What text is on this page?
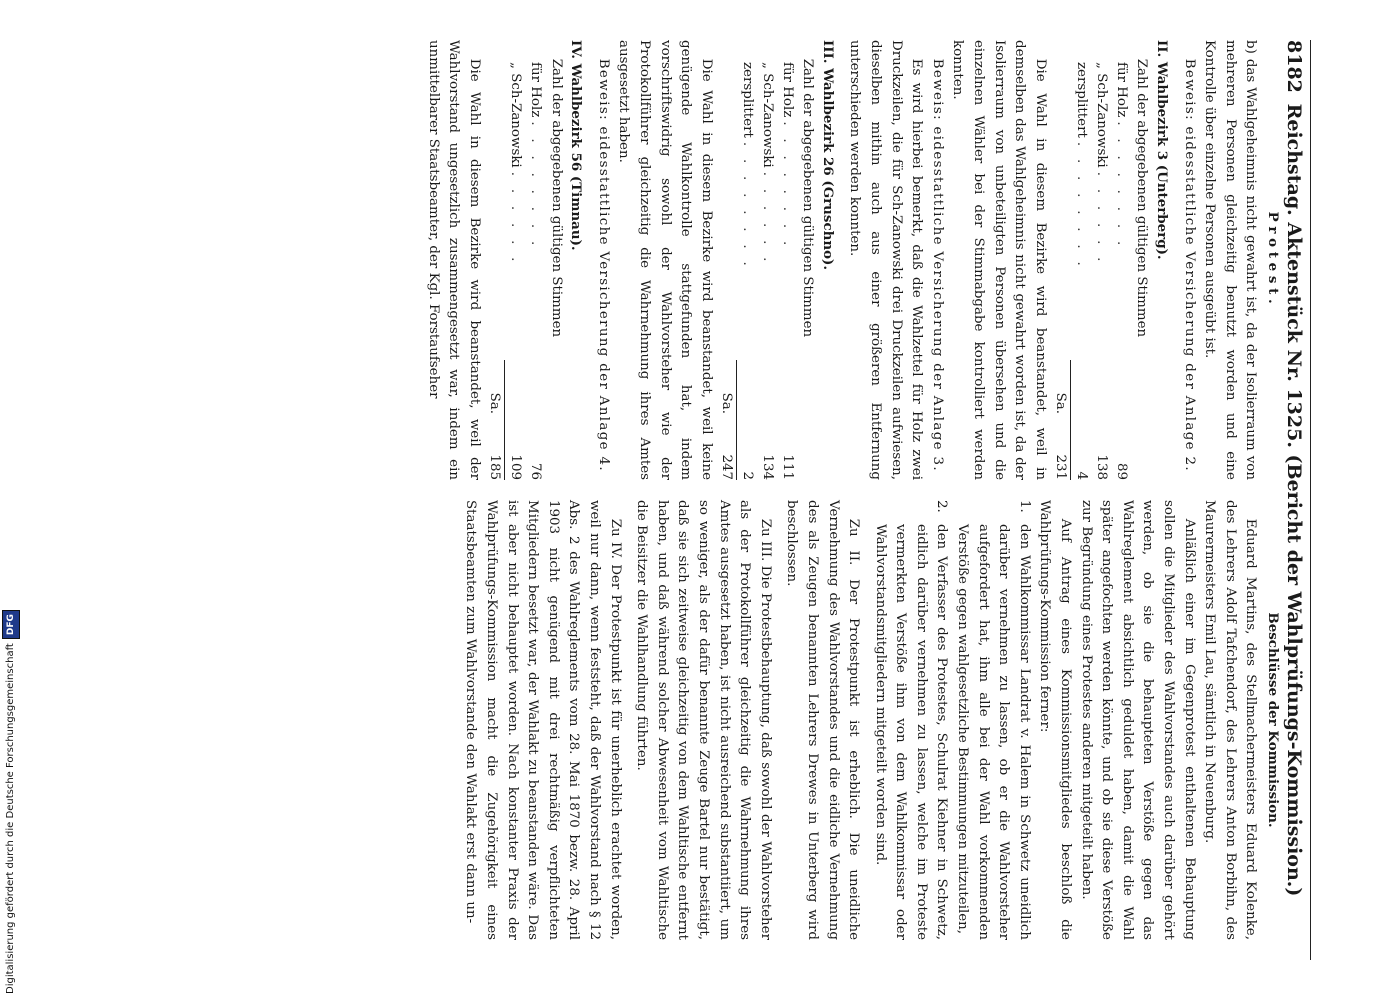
8182
Reichstag. Aktenstück Nr. 1325. (Bericht der Wahlprüfungs-Kommission.)

Protest.

b) das Wahlgeheimnis nicht gewahrt ist, da der Isolierraum von mehreren Personen gleichzeitig benutzt worden und eine Kontrolle über einzelne Personen ausgeübt ist.

Beweis: eidesstattliche Versicherung der Anlage 2.

II. Wahlbezirk 3 (Unterberg).

Zahl der abgegebenen gültigen Stimmen

für Holz
. . . . . . . .
89
„ Sch-Zanowski
. . . . . .
138
zersplittert
. . . . . . . .
4
Sa.
231

Die Wahl in diesem Bezirke wird beanstandet, weil in demselben das Wahlgeheimnis nicht gewahrt worden ist, da der Isolierraum von unbeteiligten Personen übersehen und die einzelnen Wähler bei der Stimmabgabe kontrolliert werden konnten.

Beweis: eidesstattliche Versicherung der Anlage 3.

Es wird hierbei bemerkt, daß die Wahlzettel für Holz zwei Druckzeilen, die für Sch-Zanowski drei Druckzeilen aufwiesen, dieselben mithin auch aus einer größeren Entfernung unterschieden werden konnten.

III. Wahlbezirk 26 (Gruschno).

Zahl der abgegebenen gültigen Stimmen

für Holz
. . . . . . . .
111
„ Sch-Zanowski
. . . . . .
134
zersplittert
. . . . . . . .
2
Sa.
247

Die Wahl in diesem Bezirke wird beanstandet, weil keine genügende Wahlkontrolle stattgefunden hat, indem vorschriftswidrig sowohl der Wahlvorsteher wie der Protokollführer gleichzeitig die Wahrnehmung ihres Amtes ausgesetzt haben.

Beweis: eidesstattliche Versicherung der Anlage 4.

IV. Wahlbezirk 56 (Timnau).

Zahl der abgegebenen gültigen Stimmen

für Holz
. . . . . . . .
76
„ Sch-Zanowski
. . . . . .
109
Sa.
185

Die Wahl in diesem Bezirke wird beanstandet, weil der Wahlvorstand ungesetzlich zusammengesetzt war, indem ein unmittelbarer Staatsbeamter, der Kgl. Forstaufseher

Beschlüsse der Kommission.

Eduard Martins, des Stellmachermeisters Eduard Kolenke, des Lehrers Adolf Tafchendorf, des Lehrers Anton Borbihn, des Maurermeisters Emil Lau, sämtlich in Neuenburg.

Anläßlich einer im Gegenprotest enthaltenen Behauptung sollen die Mitglieder des Wahlvorstandes auch darüber gehört werden, ob sie die behaupteten Verstöße gegen das Wahlreglement absichtlich geduldet haben, damit die Wahl später angefochten werden könnte, und ob sie diese Verstöße zur Begründung eines Protestes anderen mitgeteilt haben.

Auf Antrag eines Kommissionsmitgliedes beschloß die Wahlprüfungs-Kommission ferner:

1.
den Wahlkommissar Landrat v. Halem in Schwetz uneidlich darüber vernehmen zu lassen, ob er die Wahlvorsteher aufgefordert hat, ihm alle bei der Wahl vorkommenden Verstöße gegen wahlgesetzliche Bestimmungen mitzuteilen,
2.
den Verfasser des Protestes, Schulrat Kiehner in Schwetz, eidlich darüber vernehmen zu lassen, welche im Proteste vermerkten Verstöße ihm von dem Wahlkommissar oder Wahlvorstandsmitgliedern mitgeteilt worden sind.

Zu II. Der Protestpunkt ist erheblich. Die uneidliche Vernehmung des Wahlvorstandes und die eidliche Vernehmung des als Zeugen benannten Lehrers Drewes in Unterberg wird beschlossen.

Zu III. Die Protestbehauptung, daß sowohl der Wahlvorsteher als der Protokollführer gleichzeitig die Wahrnehmung ihres Amtes ausgesetzt haben, ist nicht ausreichend substantiiert, um so weniger, als der dafür benannte Zeuge Bartel nur bestätigt, daß sie sich zeitweise gleichzeitig von dem Wahltische entfernt haben, und daß während solcher Abwesenheit vom Wahltische die Beisitzer die Wahlhandlung führten.

Zu IV. Der Protestpunkt ist für unerheblich erachtet worden, weil nur dann, wenn feststeht, daß der Wahlvorstand nach § 12 Abs. 2 des Wahlreglements vom 28. Mai 1870 bezw. 28. April 1903 nicht genügend mit drei rechtmäßig verpflichteten Mitgliedern besetzt war, der Wahlakt zu beanstanden wäre. Das ist aber nicht behauptet worden. Nach konstanter Praxis der Wahlprüfungs-Kommission macht die Zugehörigkeit eines Staatsbeamten zum Wahlvorstande den Wahlakt erst dann un-

Digitalisierung gefördert durch die Deutsche ForschungsgemeinschaftDFG
